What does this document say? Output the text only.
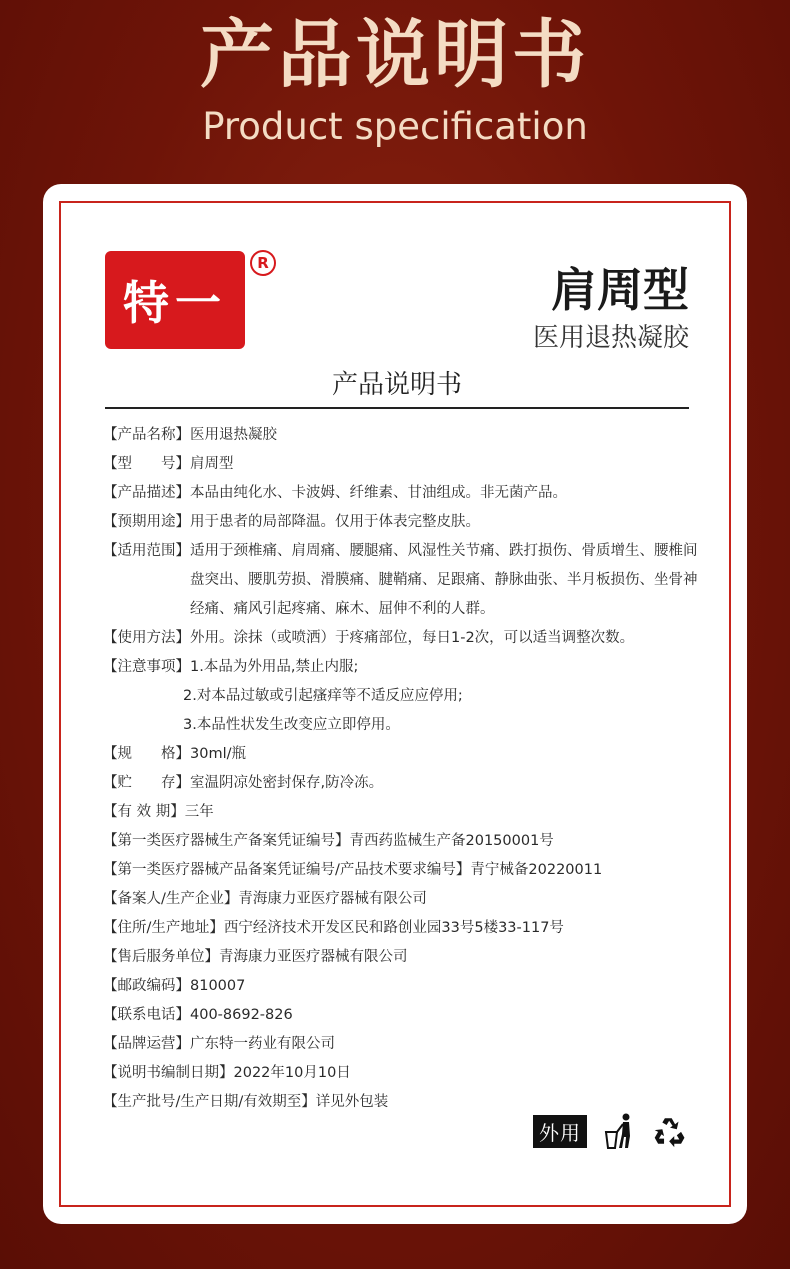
产品说明书
Product specification
特一
R	肩周型
医用退热凝胶
产品说明书
【产品名称】 医用退热凝胶
【型　　号】 肩周型
【产品描述】 本品由纯化水、卡波姆、纤维素、甘油组成。非无菌产品。
【预期用途】 用于患者的局部降温。仅用于体表完整皮肤。
【适用范围】 适用于颈椎痛、肩周痛、腰腿痛、风湿性关节痛、跌打损伤、骨质增生、腰椎间盘突出、腰肌劳损、滑膜痛、腱鞘痛、足跟痛、静脉曲张、半月板损伤、坐骨神经痛、痛风引起疼痛、麻木、屈伸不利的人群。
【使用方法】 外用。涂抹（或喷洒）于疼痛部位，每日1-2次，可以适当调整次数。
【注意事项】 1.本品为外用品,禁止内服;
2.对本品过敏或引起瘙痒等不适反应应停用;
3.本品性状发生改变应立即停用。
【规　　格】 30ml/瓶
【贮　　存】 室温阴凉处密封保存,防冷冻。
【有 效 期】 三年
【第一类医疗器械生产备案凭证编号】 青西药监械生产备20150001号
【第一类医疗器械产品备案凭证编号/产品技术要求编号】 青宁械备20220011
【备案人/生产企业】 青海康力亚医疗器械有限公司
【住所/生产地址】 西宁经济技术开发区民和路创业园33号5楼33-117号
【售后服务单位】 青海康力亚医疗器械有限公司
【邮政编码】 810007
【联系电话】 400-8692-826
【品牌运营】 广东特一药业有限公司
【说明书编制日期】 2022年10月10日
【生产批号/生产日期/有效期至】 详见外包装
外用
